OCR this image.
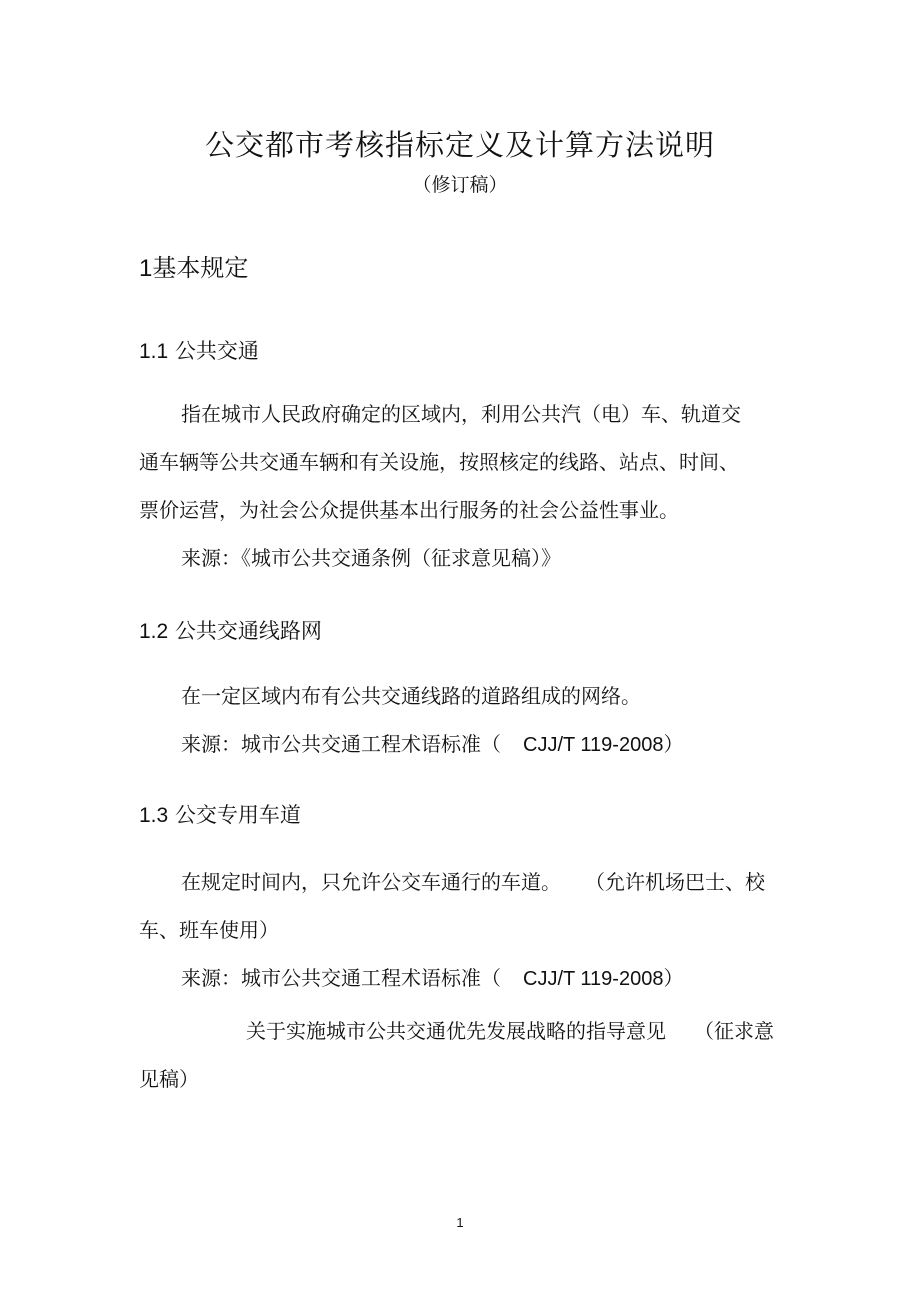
公交都市考核指标定义及计算方法说明
（修订稿）
1基本规定
1.1 公共交通
指在城市人民政府确定的区域内，利用公共汽（电）车、轨道交
通车辆等公共交通车辆和有关设施，按照核定的线路、站点、时间、
票价运营，为社会公众提供基本出行服务的社会公益性事业。
来源：《城市公共交通条例（征求意见稿）》
1.2 公共交通线路网
在一定区域内布有公共交通线路的道路组成的网络。
来源：城市公共交通工程术语标准（ CJJ/T 119-2008）
1.3 公交专用车道
在规定时间内，只允许公交车通行的车道。 （允许机场巴士、校
车、班车使用）
来源：城市公共交通工程术语标准（ CJJ/T 119-2008）
关于实施城市公共交通优先发展战略的指导意见 （征求意
见稿）
1
